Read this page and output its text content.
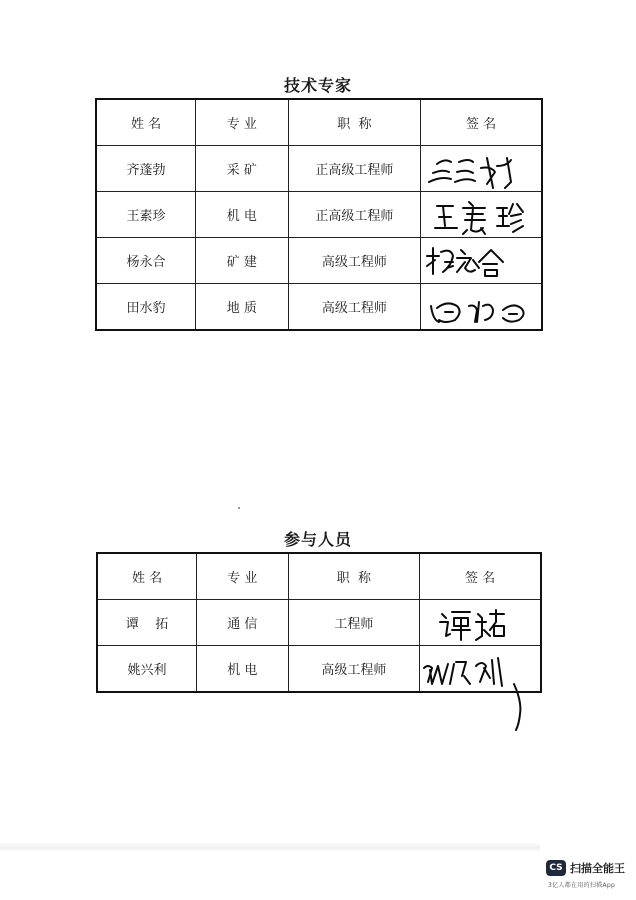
技术专家
姓 名	专 业	职  称	签 名
齐蓬勃	采 矿	正高级工程师	

王素珍	机 电	正高级工程师	

杨永合	矿 建	高级工程师	

田水豹	地 质	高级工程师	

参与人员
姓 名	专 业	职  称	签 名
谭    拓	通 信	工程师	

姚兴利	机 电	高级工程师	

CS 扫描全能王
3亿人都在用的扫描App
